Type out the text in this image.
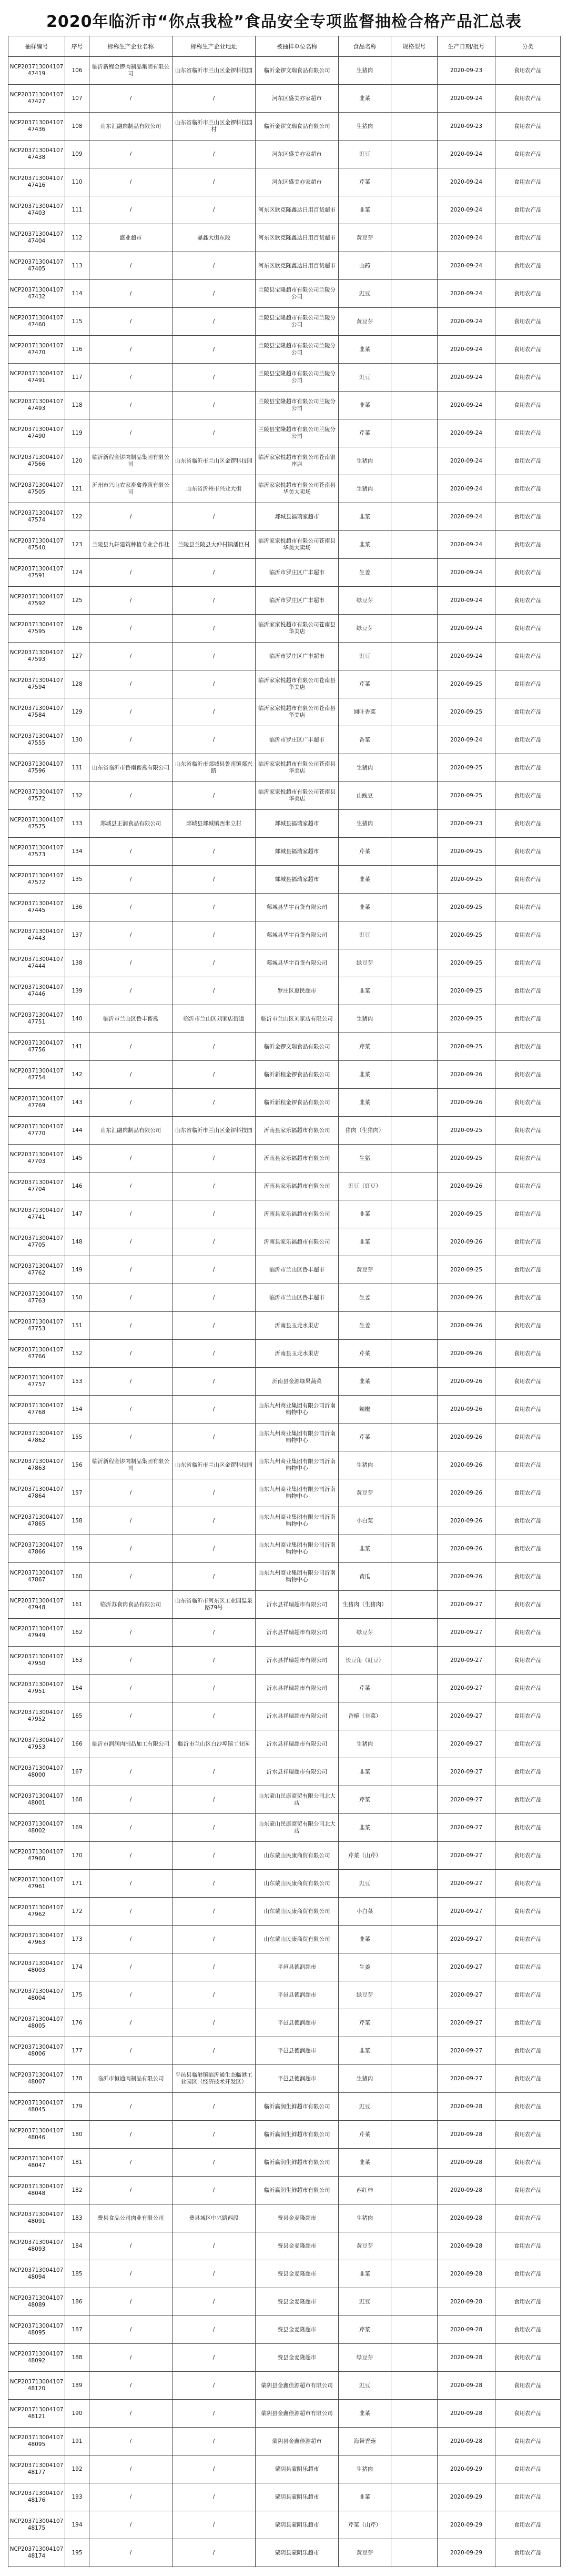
2020年临沂市“你点我检”食品安全专项监督抽检合格产品汇总表
抽样编号	序号	标称生产企业名称	标称生产企业地址	被抽样单位名称	食品名称	规格型号	生产日期/批号	分类
NCP20371300410747419	106	临沂新程金锣肉制品集团有限公司	山东省临沂市兰山区金锣科技园	临沂金锣文瑞食品有限公司	生猪肉		2020-09-23	食用农产品
NCP20371300410747427	107	/	/	河东区盛美亦家超市	韭菜		2020-09-24	食用农产品
NCP20371300410747436	108	山东汇融肉制品有限公司	山东省临沂市兰山区金锣科技园村	临沂金锣文瑞食品有限公司	生猪肉		2020-09-23	食用农产品
NCP20371300410747438	109	/	/	河东区盛美亦家超市	豇豆		2020-09-24	食用农产品
NCP20371300410747416	110	/	/	河东区盛美亦家超市	芹菜		2020-09-24	食用农产品
NCP20371300410747403	111	/	/	河东区欣克隆鑫达日用百货超市	韭菜		2020-09-24	食用农产品
NCP20371300410747404	112	盛业超市	鼎鑫大街东段	河东区欣克隆鑫达日用百货超市	黄豆芽		2020-09-24	食用农产品
NCP20371300410747405	113	/	/	河东区欣克隆鑫达日用百货超市	山药		2020-09-24	食用农产品
NCP20371300410747432	114	/	/	兰陵县宝隆超市有限公司兰陵分公司	豇豆		2020-09-24	食用农产品
NCP20371300410747460	115	/	/	兰陵县宝隆超市有限公司兰陵分公司	黄豆芽		2020-09-24	食用农产品
NCP20371300410747470	116	/	/	兰陵县宝隆超市有限公司兰陵分公司	韭菜		2020-09-24	食用农产品
NCP20371300410747491	117	/	/	兰陵县宝隆超市有限公司兰陵分公司	豇豆		2020-09-24	食用农产品
NCP20371300410747493	118	/	/	兰陵县宝隆超市有限公司兰陵分公司	韭菜		2020-09-24	食用农产品
NCP20371300410747490	119	/	/	兰陵县宝隆超市有限公司兰陵分公司	芹菜		2020-09-24	食用农产品
NCP20371300410747566	120	临沂新程金锣肉制品集团有限公司	山东省临沂市兰山区金锣科技园	临沂家家悦超市有限公司苍南银座店	生猪肉		2020-09-24	食用农产品
NCP20371300410747505	121	沂州市兴山农家畜禽养殖有限公司	山东省沂州市兴业大街	临沂家家悦超市有限公司苍南县华美大卖场	生猪肉		2020-09-24	食用农产品
NCP20371300410747574	122	/	/	郯城县福瑞家超市	韭菜		2020-09-24	食用农产品
NCP20371300410747540	123	兰陵县九轩建筑种植专业合作社	兰陵县兰陵县大仲村镇潘巨村	临沂家家悦超市有限公司苍南县华美大卖场	韭菜		2020-09-24	食用农产品
NCP20371300410747591	124	/	/	临沂市罗庄区广丰超市	生姜		2020-09-24	食用农产品
NCP20371300410747592	125	/	/	临沂市罗庄区广丰超市	绿豆芽		2020-09-24	食用农产品
NCP20371300410747595	126	/	/	临沂家家悦超市有限公司苍南县华美店	绿豆芽		2020-09-24	食用农产品
NCP20371300410747593	127	/	/	临沂市罗庄区广丰超市	豇豆		2020-09-24	食用农产品
NCP20371300410747594	128	/	/	临沂家家悦超市有限公司苍南县华美店	芹菜		2020-09-25	食用农产品
NCP20371300410747584	129	/	/	临沂家家悦超市有限公司苍南县华美店	圆叶香菜		2020-09-25	食用农产品
NCP20371300410747555	130	/	/	临沂市罗庄区广丰超市	香菜		2020-09-24	食用农产品
NCP20371300410747596	131	山东省临沂市鲁南畜禽有限公司	山东省临沂市郯城县鲁南镇郯兴路	临沂家家悦超市有限公司苍南县华美店	生猪肉		2020-09-25	食用农产品
NCP20371300410747572	132	/	/	临沂家家悦超市有限公司苍南县华美店	山豌豆		2020-09-25	食用农产品
NCP20371300410747575	133	郯城县正润食品有限公司	郯城县郯城镇西米立村	郯城县福瑞家超市	生猪肉		2020-09-23	食用农产品
NCP20371300410747573	134	/	/	郯城县福瑞家超市	芹菜		2020-09-25	食用农产品
NCP20371300410747572	135	/	/	郯城县福瑞家超市	韭菜		2020-09-25	食用农产品
NCP20371300410747445	136	/	/	郯城县华宇百货有限公司	韭菜		2020-09-25	食用农产品
NCP20371300410747443	137	/	/	郯城县华宇百货有限公司	豇豆		2020-09-25	食用农产品
NCP20371300410747444	138	/	/	郯城县华宇百货有限公司	绿豆芽		2020-09-25	食用农产品
NCP20371300410747446	139	/	/	罗庄区惠民超市	韭菜		2020-09-25	食用农产品
NCP20371300410747751	140	临沂市兰山区鲁丰畜禽	临沂市兰山区刘家店街道	临沂市兰山区刘家店有限公司	生猪肉		2020-09-25	食用农产品
NCP20371300410747756	141	/	/	临沂金锣文瑞食品有限公司	芹菜		2020-09-25	食用农产品
NCP20371300410747754	142	/	/	临沂新程金锣食品有限公司	韭菜		2020-09-26	食用农产品
NCP20371300410747769	143	/	/	临沂新程金锣食品有限公司	韭菜		2020-09-26	食用农产品
NCP20371300410747770	144	山东汇融肉制品有限公司	山东省临沂市兰山区金锣科技园	沂南县家乐福超市有限公司	猪肉（生猪肉）		2020-09-25	食用农产品
NCP20371300410747703	145	/	/	沂南县家乐福超市有限公司	生猪		2020-09-25	食用农产品
NCP20371300410747704	146	/	/	沂南县家乐福超市有限公司	豇豆（豇豆）		2020-09-26	食用农产品
NCP20371300410747741	147	/	/	沂南县家乐福超市有限公司	韭菜		2020-09-25	食用农产品
NCP20371300410747705	148	/	/	沂南县家乐福超市有限公司	韭菜		2020-09-26	食用农产品
NCP20371300410747762	149	/	/	临沂市兰山区鲁丰超市	黄豆芽		2020-09-25	食用农产品
NCP20371300410747763	150	/	/	临沂市兰山区鲁丰超市	生姜		2020-09-26	食用农产品
NCP20371300410747753	151	/	/	沂南县玉龙水果店	生姜		2020-09-26	食用农产品
NCP20371300410747766	152	/	/	沂南县玉龙水果店	芹菜		2020-09-26	食用农产品
NCP20371300410747757	153	/	/	沂南县金源绿果蔬菜	韭菜		2020-09-26	食用农产品
NCP20371300410747768	154	/	/	山东九州商业集团有限公司沂南购物中心	辣椒		2020-09-26	食用农产品
NCP20371300410747862	155	/	/	山东九州商业集团有限公司沂南购物中心	芹菜		2020-09-26	食用农产品
NCP20371300410747863	156	临沂新程金锣肉制品集团有限公司	山东省临沂市兰山区金锣科技园	山东九州商业集团有限公司沂南购物中心	生猪肉		2020-09-26	食用农产品
NCP20371300410747864	157	/	/	山东九州商业集团有限公司沂南购物中心	黄豆芽		2020-09-26	食用农产品
NCP20371300410747865	158	/	/	山东九州商业集团有限公司沂南购物中心	小白菜		2020-09-26	食用农产品
NCP20371300410747866	159	/	/	山东九州商业集团有限公司沂南购物中心	韭菜		2020-09-26	食用农产品
NCP20371300410747867	160	/	/	山东九州商业集团有限公司沂南购物中心	黄瓜		2020-09-26	食用农产品
NCP20371300410747948	161	临沂苏食肉食品有限公司	山东省临沂市河东区工业园温泉路79号	沂水县祥瑞超市有限公司	生猪肉（生猪肉）		2020-09-27	食用农产品
NCP20371300410747949	162	/	/	沂水县祥瑞超市有限公司	绿豆芽		2020-09-27	食用农产品
NCP20371300410747950	163	/	/	沂水县祥瑞超市有限公司	长豆角（豇豆）		2020-09-27	食用农产品
NCP20371300410747951	164	/	/	沂水县祥瑞超市有限公司	芹菜		2020-09-27	食用农产品
NCP20371300410747952	165	/	/	沂水县祥瑞超市有限公司	香椿（韭菜）		2020-09-27	食用农产品
NCP20371300410747953	166	临沂市润润肉制品加工有限公司	临沂市兰山区白沙埠镇工业园	沂水县祥瑞超市有限公司	生猪肉		2020-09-27	食用农产品
NCP20371300410748000	167	/	/	沂水县祥瑞超市有限公司	韭菜		2020-09-27	食用农产品
NCP20371300410748001	168	/	/	山东蒙山民康商贸有限公司北大店	芹菜		2020-09-27	食用农产品
NCP20371300410748002	169	/	/	山东蒙山民康商贸有限公司北大店	韭菜		2020-09-27	食用农产品
NCP20371300410747960	170	/	/	山东蒙山民康商贸有限公司	芹菜（山芹）		2020-09-27	食用农产品
NCP20371300410747961	171	/	/	山东蒙山民康商贸有限公司	豇豆		2020-09-27	食用农产品
NCP20371300410747962	172	/	/	山东蒙山民康商贸有限公司	小白菜		2020-09-27	食用农产品
NCP20371300410747963	173	/	/	山东蒙山民康商贸有限公司	韭菜		2020-09-27	食用农产品
NCP20371300410748003	174	/	/	平邑县德润超市	生姜		2020-09-27	食用农产品
NCP20371300410748004	175	/	/	平邑县德润超市	绿豆芽		2020-09-27	食用农产品
NCP20371300410748005	176	/	/	平邑县德润超市	芹菜		2020-09-27	食用农产品
NCP20371300410748006	177	/	/	平邑县德润超市	韭菜		2020-09-27	食用农产品
NCP20371300410748007	178	临沂市恒通肉制品有限公司	平邑县临港镇临沂通生态临港工业园区（经济技术开发区）	平邑县德润超市	生猪肉		2020-09-27	食用农产品
NCP20371300410748045	179	/	/	临沂赢润生鲜超市有限公司	豇豆		2020-09-28	食用农产品
NCP20371300410748046	180	/	/	临沂赢润生鲜超市有限公司	芹菜		2020-09-28	食用农产品
NCP20371300410748047	181	/	/	临沂赢润生鲜超市有限公司	韭菜		2020-09-28	食用农产品
NCP20371300410748048	182	/	/	临沂赢润生鲜超市有限公司	西红柿		2020-09-28	食用农产品
NCP20371300410748091	183	费县食品公司肉业有限公司	费县城区中兴路西段	费县金麦隆超市	生猪肉		2020-09-28	食用农产品
NCP20371300410748093	184	/	/	费县金麦隆超市	黄豆芽		2020-09-28	食用农产品
NCP20371300410748094	185	/	/	费县金麦隆超市	韭菜		2020-09-28	食用农产品
NCP20371300410748089	186	/	/	费县金麦隆超市	豇豆		2020-09-28	食用农产品
NCP20371300410748095	187	/	/	费县金麦隆超市	芹菜		2020-09-28	食用农产品
NCP20371300410748092	188	/	/	费县金麦隆超市	绿豆芽		2020-09-28	食用农产品
NCP20371300410748120	189	/	/	蒙阴县金鑫佳源超市有限公司	豇豆		2020-09-28	食用农产品
NCP20371300410748121	190	/	/	蒙阴县金鑫佳源超市有限公司	韭菜		2020-09-28	食用农产品
NCP20371300410748095	191	/	/	蒙阴县金鑫佳源超市	海带香菇		2020-09-28	食用农产品
NCP20371300410748177	192	/	/	蒙阴县蒙阴乐超市	生猪肉		2020-09-29	食用农产品
NCP20371300410748176	193	/	/	蒙阴县蒙阴乐超市	韭菜		2020-09-29	食用农产品
NCP20371300410748175	194	/	/	蒙阴县蒙阴乐超市	芹菜（山芹）		2020-09-29	食用农产品
NCP20371300410748174	195	/	/	蒙阴县蒙阴乐超市	黄豆芽		2020-09-29	食用农产品
